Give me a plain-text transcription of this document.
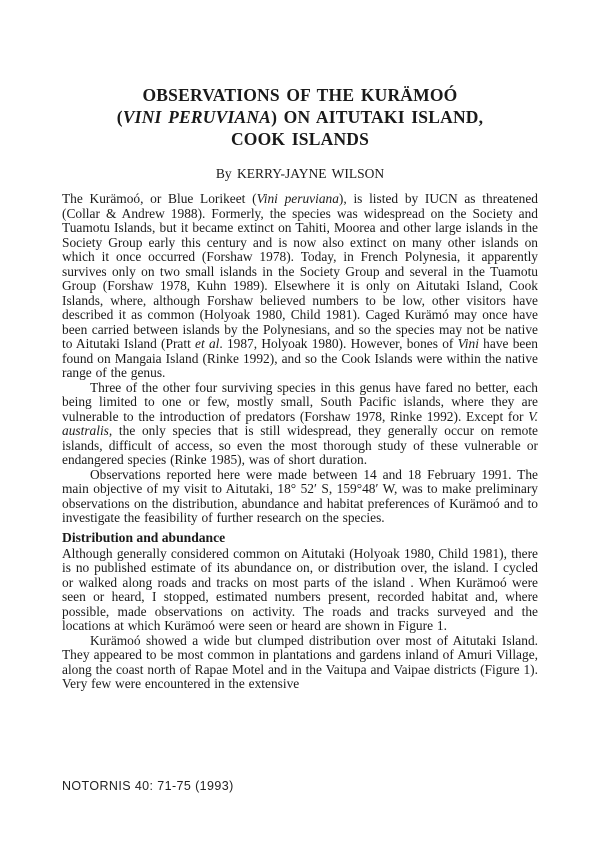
OBSERVATIONS OF THE KURÄMOÓ
(VINI PERUVIANA) ON AITUTAKI ISLAND,
COOK ISLANDS
By KERRY-JAYNE WILSON

The Kurämoó, or Blue Lorikeet (Vini peruviana), is listed by IUCN as threatened (Collar & Andrew 1988). Formerly, the species was widespread on the Society and Tuamotu Islands, but it became extinct on Tahiti, Moorea and other large islands in the Society Group early this century and is now also extinct on many other islands on which it once occurred (Forshaw 1978). Today, in French Polynesia, it apparently survives only on two small islands in the Society Group and several in the Tuamotu Group (Forshaw 1978, Kuhn 1989). Elsewhere it is only on Aitutaki Island, Cook Islands, where, although Forshaw believed numbers to be low, other visitors have described it as common (Holyoak 1980, Child 1981). Caged Kurämó may once have been carried between islands by the Polynesians, and so the species may not be native to Aitutaki Island (Pratt et al. 1987, Holyoak 1980). However, bones of Vini have been found on Mangaia Island (Rinke 1992), and so the Cook Islands were within the native range of the genus.

Three of the other four surviving species in this genus have fared no better, each being limited to one or few, mostly small, South Pacific islands, where they are vulnerable to the introduction of predators (Forshaw 1978, Rinke 1992). Except for V. australis, the only species that is still widespread, they generally occur on remote islands, difficult of access, so even the most thorough study of these vulnerable or endangered species (Rinke 1985), was of short duration.

Observations reported here were made between 14 and 18 February 1991. The main objective of my visit to Aitutaki, 18° 52′ S, 159°48′ W, was to make preliminary observations on the distribution, abundance and habitat preferences of Kurämoó and to investigate the feasibility of further research on the species.

Distribution and abundance

Although generally considered common on Aitutaki (Holyoak 1980, Child 1981), there is no published estimate of its abundance on, or distribution over, the island. I cycled or walked along roads and tracks on most parts of the island . When Kurämoó were seen or heard, I stopped, estimated numbers present, recorded habitat and, where possible, made observations on activity. The roads and tracks surveyed and the locations at which Kurämoó were seen or heard are shown in Figure 1.

Kurämoó showed a wide but clumped distribution over most of Aitutaki Island. They appeared to be most common in plantations and gardens inland of Amuri Village, along the coast north of Rapae Motel and in the Vaitupa and Vaipae districts (Figure 1). Very few were encountered in the extensive

NOTORNIS 40: 71-75 (1993)
